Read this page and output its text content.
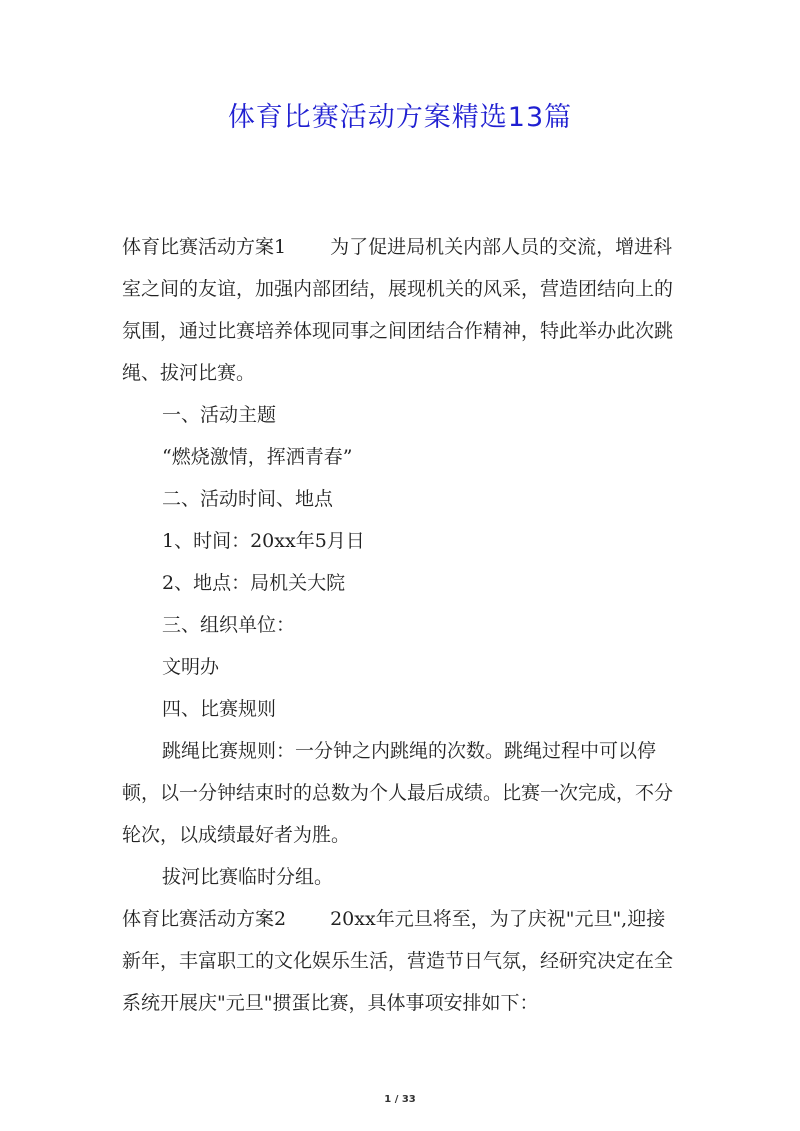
体育比赛活动方案精选13篇

体育比赛活动方案1 为了促进局机关内部人员的交流，增进科室之间的友谊，加强内部团结，展现机关的风采，营造团结向上的氛围，通过比赛培养体现同事之间团结合作精神，特此举办此次跳绳、拔河比赛。

一、活动主题

“燃烧激情，挥洒青春”

二、活动时间、地点

1、时间：20xx年5月日

2、地点：局机关大院

三、组织单位：

文明办

四、比赛规则

跳绳比赛规则：一分钟之内跳绳的次数。跳绳过程中可以停顿，以一分钟结束时的总数为个人最后成绩。比赛一次完成，不分轮次，以成绩最好者为胜。

拔河比赛临时分组。

体育比赛活动方案2 20xx年元旦将至，为了庆祝"元旦",迎接新年，丰富职工的文化娱乐生活，营造节日气氛，经研究决定在全系统开展庆"元旦"掼蛋比赛，具体事项安排如下：

1 / 33
